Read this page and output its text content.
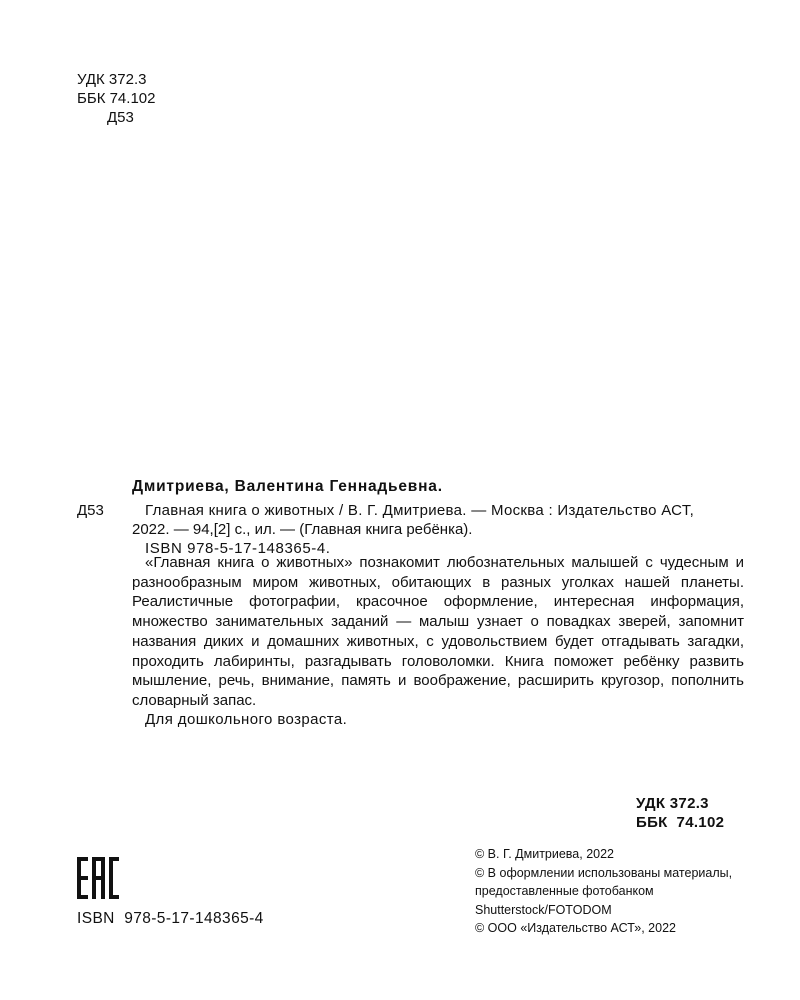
УДК 372.3
ББК 74.102
Д53
Дмитриева, Валентина Геннадьевна.
Д53	Главная книга о животных / В. Г. Дмитриева. — Москва : Издательство АСТ,
2022. — 94,[2] с., ил. — (Главная книга ребёнка).
ISBN 978-5-17-148365-4.

«Главная книга о животных» познакомит любознательных малышей с чудесным и разнообразным миром животных, обитающих в разных уголках нашей планеты. Реалистичные фотографии, красочное оформление, интересная информация, множество занимательных заданий — малыш узнает о повадках зверей, запомнит названия диких и домашних животных, с удовольствием будет отгадывать загадки, проходить лабиринты, разгадывать головоломки. Книга поможет ребёнку развить мышление, речь, внимание, память и воображение, расширить кругозор, пополнить словарный запас.

Для дошкольного возраста.
УДК 372.3
ББК  74.102
ISBN  978-5-17-148365-4
© В. Г. Дмитриева, 2022
© В оформлении использованы материалы,
предоставленные фотобанком
Shutterstock/FOTODOM
© ООО «Издательство АСТ», 2022
